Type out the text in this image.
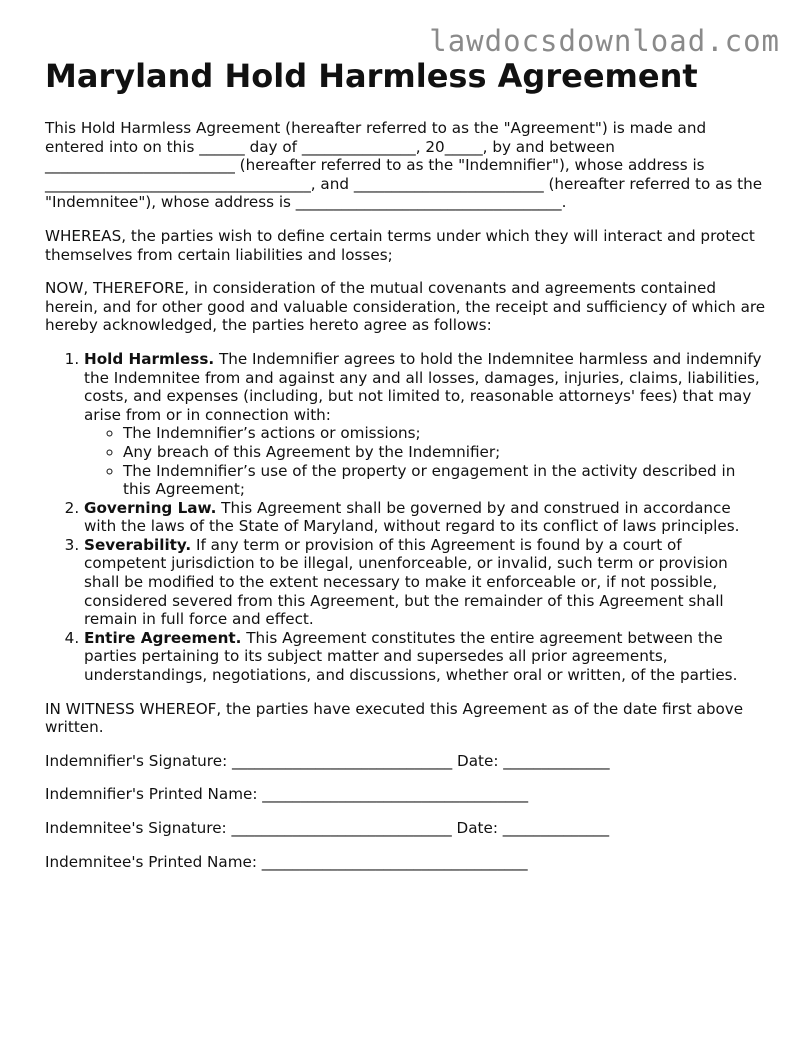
lawdocsdownload.com
Maryland Hold Harmless Agreement

This Hold Harmless Agreement (hereafter referred to as the "Agreement") is made and entered into on this ______ day of _______________, 20_____, by and between _________________________ (hereafter referred to as the "Indemnifier"), whose address is ___________________________________, and _________________________ (hereafter referred to as the "Indemnitee"), whose address is ___________________________________.

WHEREAS, the parties wish to define certain terms under which they will interact and protect themselves from certain liabilities and losses;

NOW, THEREFORE, in consideration of the mutual covenants and agreements contained herein, and for other good and valuable consideration, the receipt and sufficiency of which are hereby acknowledged, the parties hereto agree as follows:

1. Hold Harmless. The Indemnifier agrees to hold the Indemnitee harmless and indemnify the Indemnitee from and against any and all losses, damages, injuries, claims, liabilities, costs, and expenses (including, but not limited to, reasonable attorneys' fees) that may arise from or in connection with:
◦ The Indemnifier’s actions or omissions;
◦ Any breach of this Agreement by the Indemnifier;
◦ The Indemnifier’s use of the property or engagement in the activity described in this Agreement;
2. Governing Law. This Agreement shall be governed by and construed in accordance with the laws of the State of Maryland, without regard to its conflict of laws principles.
3. Severability. If any term or provision of this Agreement is found by a court of competent jurisdiction to be illegal, unenforceable, or invalid, such term or provision shall be modified to the extent necessary to make it enforceable or, if not possible, considered severed from this Agreement, but the remainder of this Agreement shall remain in full force and effect.
4. Entire Agreement. This Agreement constitutes the entire agreement between the parties pertaining to its subject matter and supersedes all prior agreements, understandings, negotiations, and discussions, whether oral or written, of the parties.

IN WITNESS WHEREOF, the parties have executed this Agreement as of the date first above written.

Indemnifier's Signature: _____________________________ Date: ______________
Indemnifier's Printed Name: ___________________________________
Indemnitee's Signature: _____________________________ Date: ______________
Indemnitee's Printed Name: ___________________________________
